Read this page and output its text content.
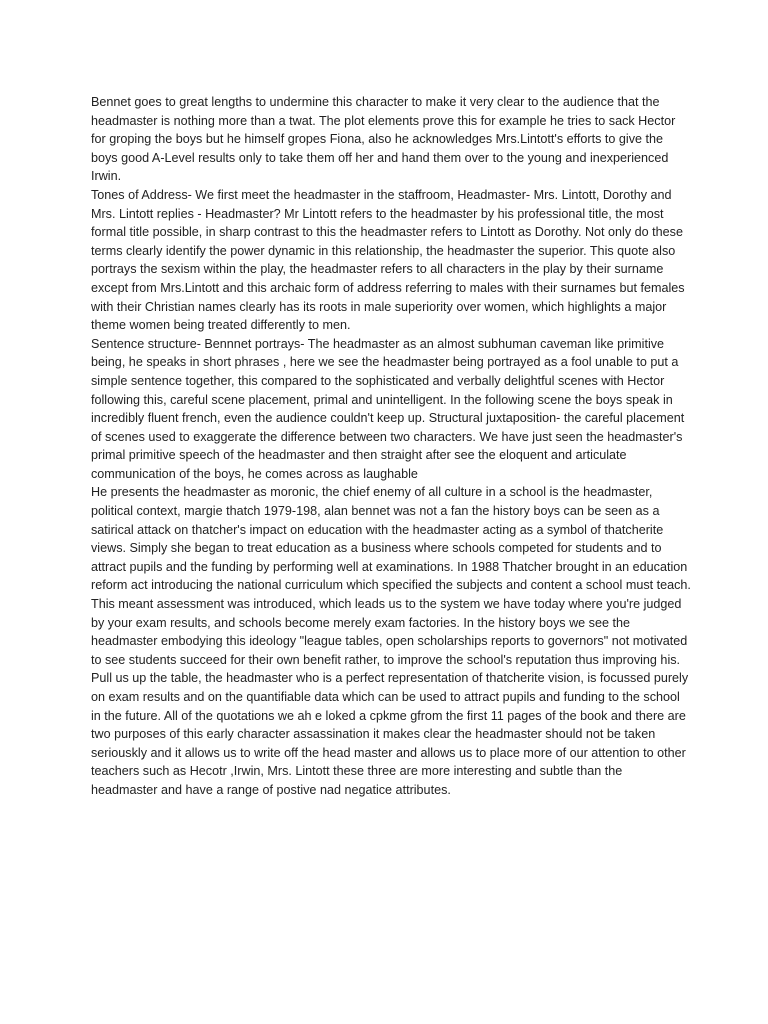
Bennet goes to great lengths to undermine this character to make it very clear to the audience that the headmaster is nothing more than a twat. The plot elements prove this for example he tries to sack Hector for groping the boys but he himself gropes Fiona, also he acknowledges Mrs.Lintott's efforts to give the boys good A-Level results only to take them off her and hand them over to the young and inexperienced Irwin.

Tones of Address- We first meet the headmaster in the staffroom, Headmaster- Mrs. Lintott, Dorothy and Mrs. Lintott replies - Headmaster? Mr Lintott refers to the headmaster by his professional title, the most formal title possible, in sharp contrast to this the headmaster refers to Lintott as Dorothy. Not only do these terms clearly identify the power dynamic in this relationship, the headmaster the superior. This quote also portrays the sexism within the play, the headmaster refers to all characters in the play by their surname except from Mrs.Lintott and this archaic form of address referring to males with their surnames but females with their Christian names clearly has its roots in male superiority over women, which highlights a major theme women being treated differently to men.

Sentence structure- Bennnet portrays- The headmaster as an almost subhuman caveman like primitive being, he speaks in short phrases , here we see the headmaster being portrayed as a fool unable to put a simple sentence together, this compared to the sophisticated and verbally delightful scenes with Hector following this, careful scene placement, primal and unintelligent. In the following scene the boys speak in incredibly fluent french, even the audience couldn't keep up. Structural juxtaposition- the careful placement of scenes used to exaggerate the difference between two characters. We have just seen the headmaster's primal primitive speech of the headmaster and then straight after see the eloquent and articulate communication of the boys, he comes across as laughable

He presents the headmaster as moronic, the chief enemy of all culture in a school is the headmaster, political context, margie thatch 1979-198, alan bennet was not a fan the history boys can be seen as a satirical attack on thatcher's impact on education with the headmaster acting as a symbol of thatcherite views. Simply she began to treat education as a business where schools competed for students and to attract pupils and the funding by performing well at examinations. In 1988 Thatcher brought in an education reform act introducing the national curriculum which specified the subjects and content a school must teach. This meant assessment was introduced, which leads us to the system we have today where you're judged by your exam results, and schools become merely exam factories. In the history boys we see the headmaster embodying this ideology "league tables, open scholarships reports to governors" not motivated to see students succeed for their own benefit rather, to improve the school's reputation thus improving his. Pull us up the table, the headmaster who is a perfect representation of thatcherite vision, is focussed purely on exam results and on the quantifiable data which can be used to attract pupils and funding to the school in the future. All of the quotations we ah e loked a cpkme gfrom the first 11 pages of the book and there are two purposes of this early character assassination it makes clear the headmaster should not be taken seriouskly and it allows us to write off the head master and allows us to place more of our attention to other teachers such as Hecotr ,Irwin, Mrs. Lintott these three are more interesting and subtle than the headmaster and have a range of postive nad negatice attributes.
